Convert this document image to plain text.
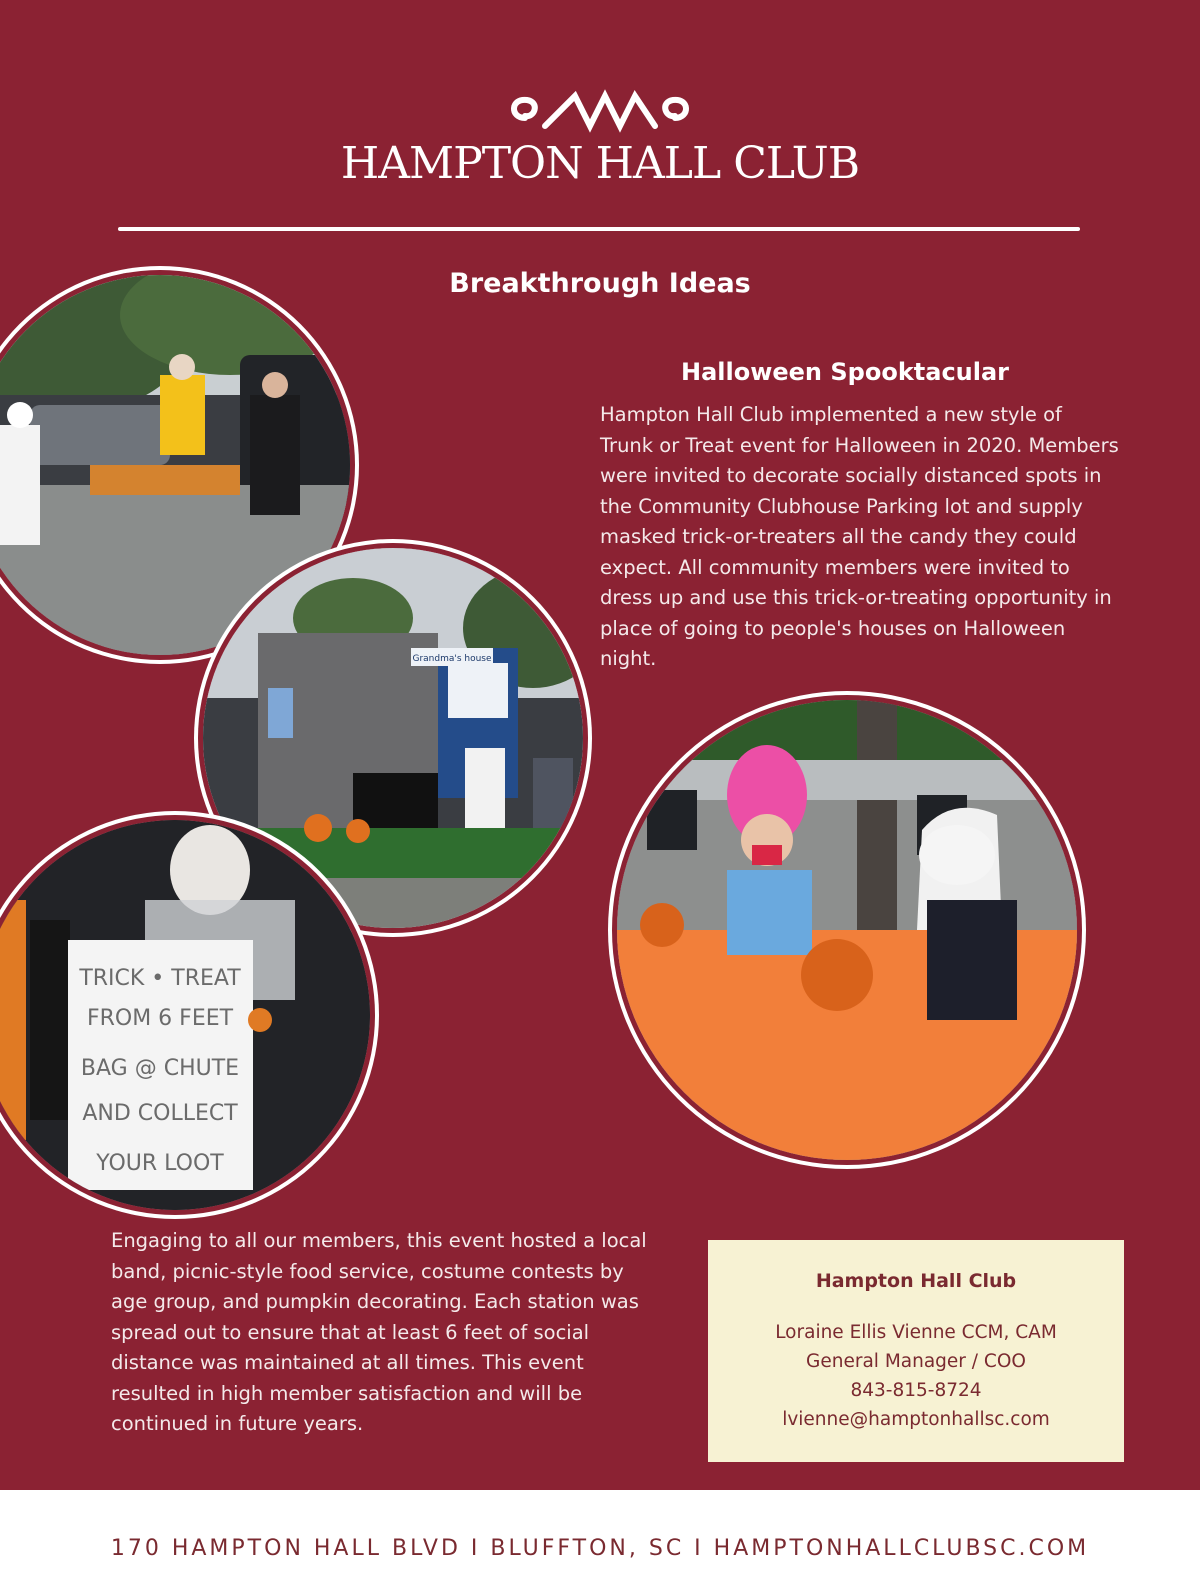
HAMPTON HALL CLUB
Breakthrough Ideas
Halloween Spooktacular
Hampton Hall Club implemented a new style of Trunk or Treat event for Halloween in 2020. Members were invited to decorate socially distanced spots in the Community Clubhouse Parking lot and supply masked trick-or-treaters all the candy they could expect. All community members were invited to dress up and use this trick-or-treating opportunity in place of going to people's houses on Halloween night.
Grandma's house
TRICK • TREAT
FROM 6 FEET
BAG @ CHUTE
AND COLLECT
YOUR LOOT
Engaging to all our members, this event hosted a local band, picnic-style food service, costume contests by age group, and pumpkin decorating. Each station was spread out to ensure that at least 6 feet of social distance was maintained at all times. This event resulted in high member satisfaction and will be continued in future years.
Hampton Hall Club
Loraine Ellis Vienne CCM, CAM
General Manager / COO
843-815-8724
lvienne@hamptonhallsc.com
170 HAMPTON HALL BLVD I BLUFFTON, SC I HAMPTONHALLCLUBSC.COM
